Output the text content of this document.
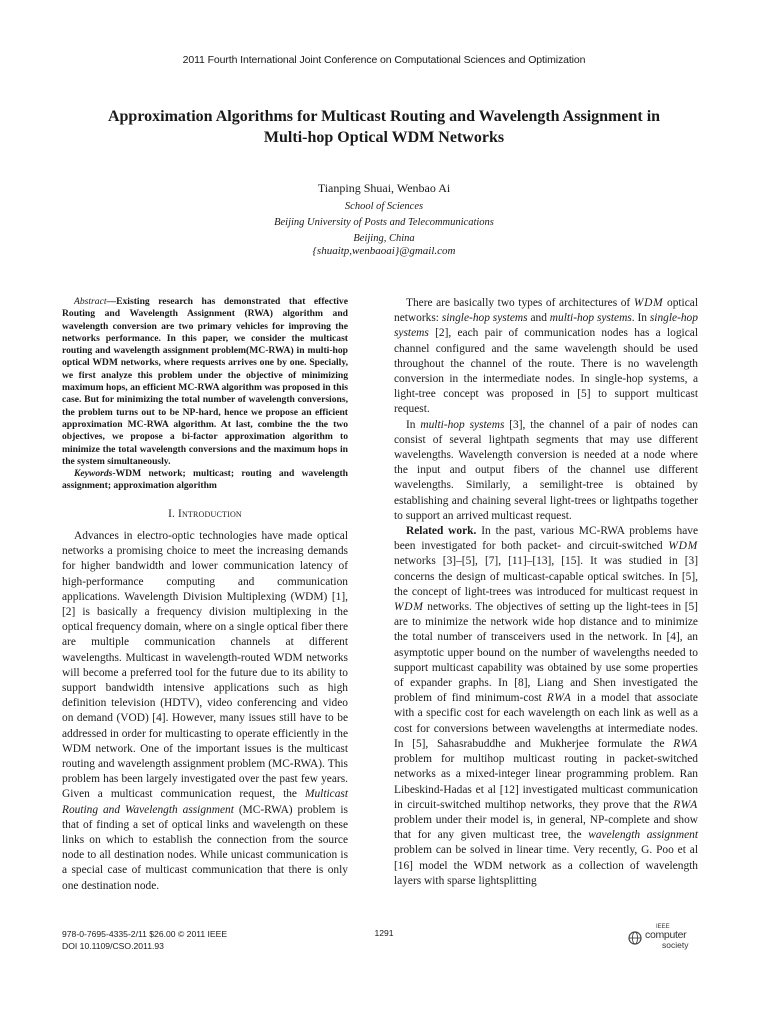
2011 Fourth International Joint Conference on Computational Sciences and Optimization
Approximation Algorithms for Multicast Routing and Wavelength Assignment in
Multi-hop Optical WDM Networks
Tianping Shuai, Wenbao Ai
School of Sciences
Beijing University of Posts and Telecommunications
Beijing, China
{shuaitp,wenbaoai}@gmail.com

Abstract—Existing research has demonstrated that effective Routing and Wavelength Assignment (RWA) algorithm and wavelength conversion are two primary vehicles for improving the networks performance. In this paper, we consider the multicast routing and wavelength assignment problem(MC-RWA) in multi-hop optical WDM networks, where requests arrives one by one. Specially, we first analyze this problem under the objective of minimizing maximum hops, an efficient MC-RWA algorithm was proposed in this case. But for minimizing the total number of wavelength conversions, the problem turns out to be NP-hard, hence we propose an efficient approximation MC-RWA algorithm. At last, combine the the two objectives, we propose a bi-factor approximation algorithm to minimize the total wavelength conversions and the maximum hops in the system simultaneously.

Keywords-WDM network; multicast; routing and wavelength assignment; approximation algorithm

I. Introduction

Advances in electro-optic technologies have made optical networks a promising choice to meet the increasing demands for higher bandwidth and lower communication latency of high-performance computing and communication applications. Wavelength Division Multiplexing (WDM) [1], [2] is basically a frequency division multiplexing in the optical frequency domain, where on a single optical fiber there are multiple communication channels at different wavelengths. Multicast in wavelength-routed WDM networks will become a preferred tool for the future due to its ability to support bandwidth intensive applications such as high definition television (HDTV), video conferencing and video on demand (VOD) [4]. However, many issues still have to be addressed in order for multicasting to operate efficiently in the WDM network. One of the important issues is the multicast routing and wavelength assignment problem (MC-RWA). This problem has been largely investigated over the past few years. Given a multicast communication request, the Multicast Routing and Wavelength assignment (MC-RWA) problem is that of finding a set of optical links and wavelength on these links on which to establish the connection from the source node to all destination nodes. While unicast communication is a special case of multicast communication that there is only one destination node.

There are basically two types of architectures of WDM optical networks: single-hop systems and multi-hop systems. In single-hop systems [2], each pair of communication nodes has a logical channel configured and the same wavelength should be used throughout the channel of the route. There is no wavelength conversion in the intermediate nodes. In single-hop systems, a light-tree concept was proposed in [5] to support multicast request.

In multi-hop systems [3], the channel of a pair of nodes can consist of several lightpath segments that may use different wavelengths. Wavelength conversion is needed at a node where the input and output fibers of the channel use different wavelengths. Similarly, a semilight-tree is obtained by establishing and chaining several light-trees or lightpaths together to support an arrived multicast request.

Related work. In the past, various MC-RWA problems have been investigated for both packet- and circuit-switched WDM networks [3]–[5], [7], [11]–[13], [15]. It was studied in [3] concerns the design of multicast-capable optical switches. In [5], the concept of light-trees was introduced for multicast request in WDM networks. The objectives of setting up the light-tees in [5] are to minimize the network wide hop distance and to minimize the total number of transceivers used in the network. In [4], an asymptotic upper bound on the number of wavelengths needed to support multicast capability was obtained by use some properties of expander graphs. In [8], Liang and Shen investigated the problem of find minimum-cost RWA in a model that associate with a specific cost for each wavelength on each link as well as a cost for conversions between wavelengths at intermediate nodes. In [5], Sahasrabuddhe and Mukherjee formulate the RWA problem for multihop multicast routing in packet-switched networks as a mixed-integer linear programming problem. Ran Libeskind-Hadas et al [12] investigated multicast communication in circuit-switched multihop networks, they prove that the RWA problem under their model is, in general, NP-complete and show that for any given multicast tree, the wavelength assignment problem can be solved in linear time. Very recently, G. Poo et al [16] model the WDM network as a collection of wavelength layers with sparse lightsplitting

978-0-7695-4335-2/11 $26.00 © 2011 IEEE
DOI 10.1109/CSO.2011.93
1291
IEEE
computer
society
